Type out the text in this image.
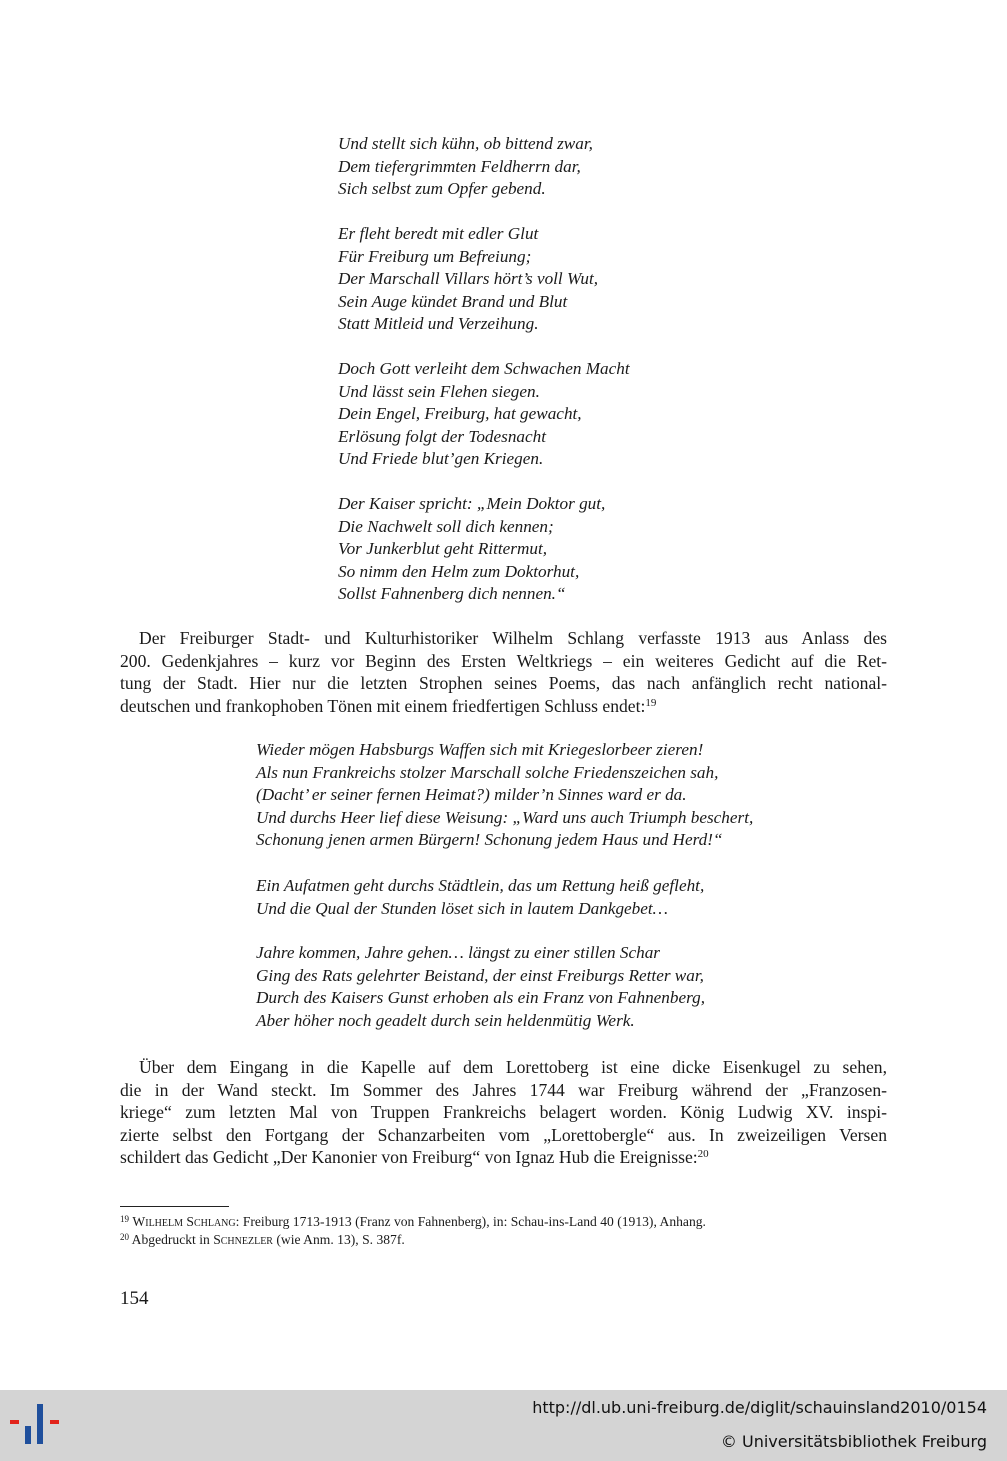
Und stellt sich kühn, ob bittend zwar,
Dem tiefergrimmten Feldherrn dar,
Sich selbst zum Opfer gebend.
Er fleht beredt mit edler Glut
Für Freiburg um Befreiung;
Der Marschall Villars hört’s voll Wut,
Sein Auge kündet Brand und Blut
Statt Mitleid und Verzeihung.
Doch Gott verleiht dem Schwachen Macht
Und lässt sein Flehen siegen.
Dein Engel, Freiburg, hat gewacht,
Erlösung folgt der Todesnacht
Und Friede blut’gen Kriegen.
Der Kaiser spricht: „Mein Doktor gut,
Die Nachwelt soll dich kennen;
Vor Junkerblut geht Rittermut,
So nimm den Helm zum Doktorhut,
Sollst Fahnenberg dich nennen.“
Der Freiburger Stadt- und Kulturhistoriker Wilhelm Schlang verfasste 1913 aus Anlass des
200. Gedenkjahres – kurz vor Beginn des Ersten Weltkriegs – ein weiteres Gedicht auf die Ret-
tung der Stadt. Hier nur die letzten Strophen seines Poems, das nach anfänglich recht national-
deutschen und frankophoben Tönen mit einem friedfertigen Schluss endet:$^{19}$
Wieder mögen Habsburgs Waffen sich mit Kriegeslorbeer zieren!
Als nun Frankreichs stolzer Marschall solche Friedenszeichen sah,
(Dacht’ er seiner fernen Heimat?) milder’n Sinnes ward er da.
Und durchs Heer lief diese Weisung: „Ward uns auch Triumph beschert,
Schonung jenen armen Bürgern! Schonung jedem Haus und Herd!“
Ein Aufatmen geht durchs Städtlein, das um Rettung heiß gefleht,
Und die Qual der Stunden löset sich in lautem Dankgebet…
Jahre kommen, Jahre gehen… längst zu einer stillen Schar
Ging des Rats gelehrter Beistand, der einst Freiburgs Retter war,
Durch des Kaisers Gunst erhoben als ein Franz von Fahnenberg,
Aber höher noch geadelt durch sein heldenmütig Werk.
Über dem Eingang in die Kapelle auf dem Lorettoberg ist eine dicke Eisenkugel zu sehen,
die in der Wand steckt. Im Sommer des Jahres 1744 war Freiburg während der „Franzosen-
kriege“ zum letzten Mal von Truppen Frankreichs belagert worden. König Ludwig XV. inspi-
zierte selbst den Fortgang der Schanzarbeiten vom „Lorettobergle“ aus. In zweizeiligen Versen
schildert das Gedicht „Der Kanonier von Freiburg“ von Ignaz Hub die Ereignisse:$^{20}$
$^{19}$ Wilhelm Schlang: Freiburg 1713-1913 (Franz von Fahnenberg), in: Schau-ins-Land 40 (1913), Anhang.
$^{20}$ Abgedruckt in Schnezler (wie Anm. 13), S. 387f.
154
http://dl.ub.uni-freiburg.de/diglit/schauinsland2010/0154
© Universitätsbibliothek Freiburg
